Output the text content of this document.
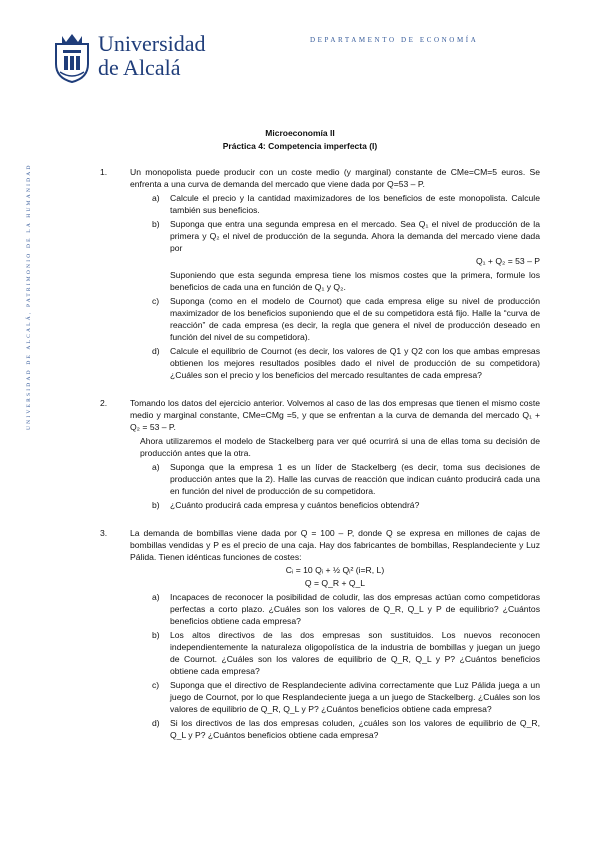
Universidad
de Alcalá
DEPARTAMENTO DE ECONOMÍA
UNIVERSIDAD DE ALCALÁ, PATRIMONIO DE LA HUMANIDAD
Microeconomía II
Práctica 4: Competencia imperfecta (I)
1.	Un monopolista puede producir con un coste medio (y marginal) constante de CMe=CM=5 euros. Se enfrenta a una curva de demanda del mercado que viene dada por Q=53 – P.

a) Calcule el precio y la cantidad maximizadores de los beneficios de este monopolista. Calcule también sus beneficios.

b) Suponga que entra una segunda empresa en el mercado. Sea Q₁ el nivel de producción de la primera y Q₂ el nivel de producción de la segunda. Ahora la demanda del mercado viene dada por

Q₁ + Q₂ = 53 – P

Suponiendo que esta segunda empresa tiene los mismos costes que la primera, formule los beneficios de cada una en función de Q₁ y Q₂.

c) Suponga (como en el modelo de Cournot) que cada empresa elige su nivel de producción maximizador de los beneficios suponiendo que el de su competidora está fijo. Halle la “curva de reacción” de cada empresa (es decir, la regla que genera el nivel de producción deseado en función del nivel de su competidora).

d) Calcule el equilibrio de Cournot (es decir, los valores de Q1 y Q2 con los que ambas empresas obtienen los mejores resultados posibles dado el nivel de producción de su competidora) ¿Cuáles son el precio y los beneficios del mercado resultantes de cada empresa?

2.	Tomando los datos del ejercicio anterior. Volvemos al caso de las dos empresas que tienen el mismo coste medio y marginal constante, CMe=CMg =5, y que se enfrentan a la curva de demanda del mercado Q₁ + Q₂ = 53 – P.

Ahora utilizaremos el modelo de Stackelberg para ver qué ocurrirá si una de ellas toma su decisión de producción antes que la otra.

a) Suponga que la empresa 1 es un líder de Stackelberg (es decir, toma sus decisiones de producción antes que la 2). Halle las curvas de reacción que indican cuánto producirá cada una en función del nivel de producción de su competidora.

b) ¿Cuánto producirá cada empresa y cuántos beneficios obtendrá?

3.	La demanda de bombillas viene dada por Q = 100 – P, donde Q se expresa en millones de cajas de bombillas vendidas y P es el precio de una caja. Hay dos fabricantes de bombillas, Resplandeciente y Luz Pálida. Tienen idénticas funciones de costes:

Cᵢ = 10 Qᵢ + ½ Qᵢ² (i=R, L)

Q = Q_R + Q_L

a) Incapaces de reconocer la posibilidad de coludir, las dos empresas actúan como competidoras perfectas a corto plazo. ¿Cuáles son los valores de Q_R, Q_L y P de equilibrio? ¿Cuántos beneficios obtiene cada empresa?

b) Los altos directivos de las dos empresas son sustituidos. Los nuevos reconocen independientemente la naturaleza oligopolística de la industria de bombillas y juegan un juego de Cournot. ¿Cuáles son los valores de equilibrio de Q_R, Q_L y P? ¿Cuántos beneficios obtiene cada empresa?

c) Suponga que el directivo de Resplandeciente adivina correctamente que Luz Pálida juega a un juego de Cournot, por lo que Resplandeciente juega a un juego de Stackelberg. ¿Cuáles son los valores de equilibrio de Q_R, Q_L y P? ¿Cuántos beneficios obtiene cada empresa?

d) Si los directivos de las dos empresas coluden, ¿cuáles son los valores de equilibrio de Q_R, Q_L y P? ¿Cuántos beneficios obtiene cada empresa?
